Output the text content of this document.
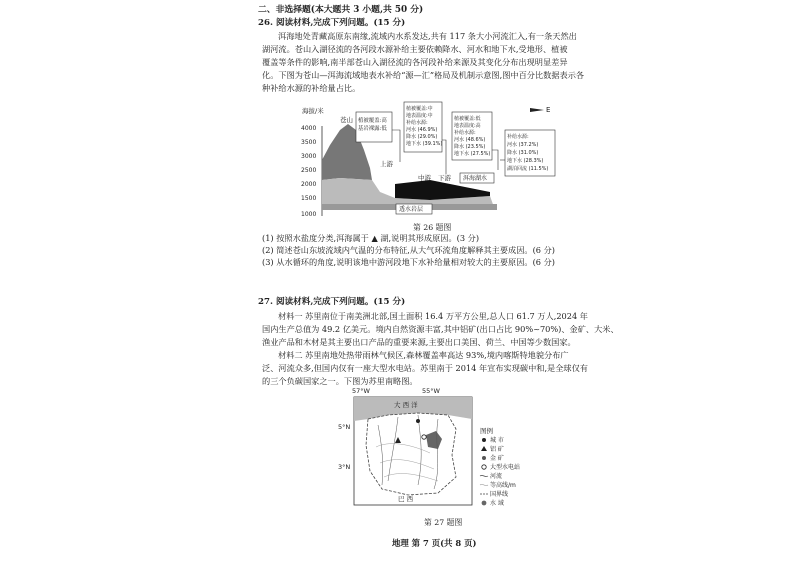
二、非选择题(本大题共 3 小题,共 50 分)
26. 阅读材料,完成下列问题。(15 分)
洱海地处青藏高原东南缘,流域内水系发达,共有 117 条大小河流汇入,有一条天然出
湖河流。苍山入湖径流的各河段水源补给主要依赖降水、河水和地下水,受地形、植被
覆盖等条件的影响,南半部苍山入湖径流的各河段补给来源及其变化分布出现明显差异
化。下图为苍山—洱海流域地表水补给“源—汇”格局及机制示意图,图中百分比数据表示各
种补给水源的补给量占比。
海拔/米
4000
3500
3000
2500
2000
1500
1000
苍山
上游
中游 下游 洱海湖水
透水岩层
E
植被覆盖:高 基岩裸露:低
植被覆盖:中 地表温度:中 补给水源: 河水 (46.9%) 降水 (29.0%) 地下水 (39.1%)
植被覆盖:低 地表温度:高 补给水源: 河水 (48.6%) 降水 (23.5%) 地下水 (27.5%)
补给水源: 河水 (37.2%) 降水 (31.0%) 地下水 (28.3%) 湖泊回流 (11.5%)
第 26 题图
(1) 按照水盐度分类,洱海属于 ▲ 湖,说明其形成原因。(3 分)
(2) 简述苍山东坡流域内气温的分布特征,从大气环流角度解释其主要成因。(6 分)
(3) 从水循环的角度,说明该地中游河段地下水补给量相对较大的主要原因。(6 分)
27. 阅读材料,完成下列问题。(15 分)
材料一 苏里南位于南美洲北部,国土面积 16.4 万平方公里,总人口 61.7 万人,2024 年
国内生产总值为 49.2 亿美元。境内自然资源丰富,其中铝矿(出口占比 90%~70%)、金矿、大米、
渔业产品和木材是其主要出口产品的重要来源,主要出口美国、荷兰、中国等少数国家。
材料二 苏里南地处热带雨林气候区,森林覆盖率高达 93%,境内喀斯特地貌分布广
泛、河流众多,但国内仅有一座大型水电站。苏里南于 2014 年宣布实现碳中和,是全球仅有
的三个负碳国家之一。下图为苏里南略图。
57°W	55°W
5°N
3°N
大 西 洋
巴 西
图例
城 市
铝 矿
金 矿
大型水电站
河流
等高线/m
国界线
水 域
第 27 题图
地理 第 7 页(共 8 页)
